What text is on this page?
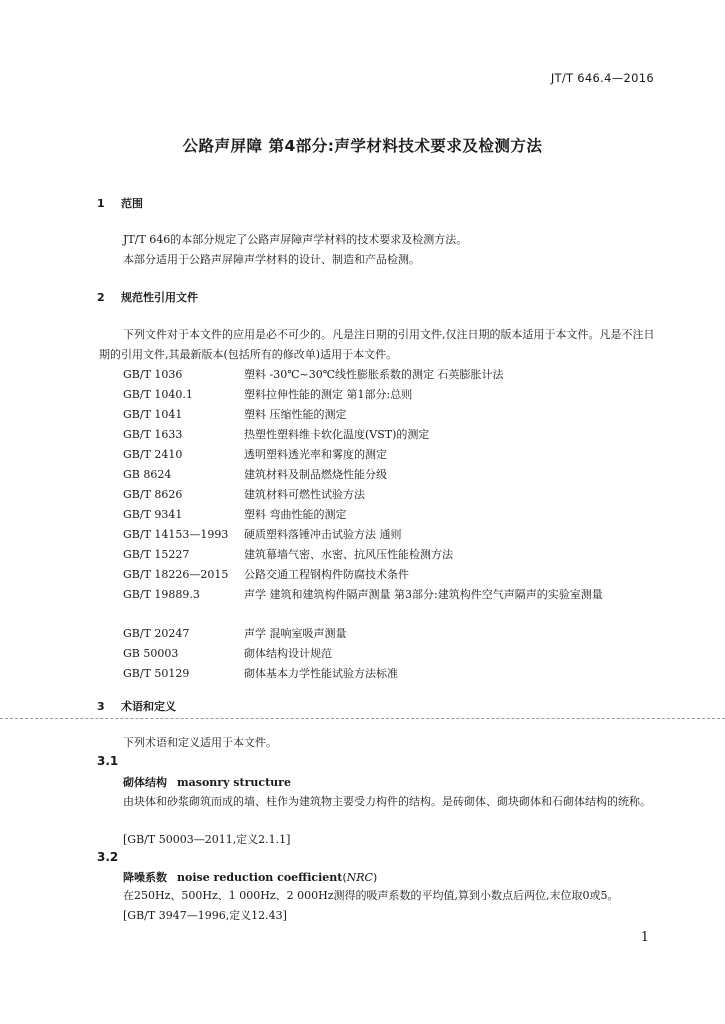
JT/T 646.4—2016
公路声屏障 第4部分:声学材料技术要求及检测方法
1 范围
JT/T 646的本部分规定了公路声屏障声学材料的技术要求及检测方法。
本部分适用于公路声屏障声学材料的设计、制造和产品检测。
2 规范性引用文件
下列文件对于本文件的应用是必不可少的。凡是注日期的引用文件,仅注日期的版本适用于本文件。凡是不注日期的引用文件,其最新版本(包括所有的修改单)适用于本文件。
GB/T 1036	塑料 -30℃~30℃线性膨胀系数的测定 石英膨胀计法
GB/T 1040.1	塑料拉伸性能的测定 第1部分:总则
GB/T 1041	塑料 压缩性能的测定
GB/T 1633	热塑性塑料维卡软化温度(VST)的测定
GB/T 2410	透明塑料透光率和雾度的测定
GB 8624	建筑材料及制品燃烧性能分级
GB/T 8626	建筑材料可燃性试验方法
GB/T 9341	塑料 弯曲性能的测定
GB/T 14153—1993 硬质塑料落锤冲击试验方法 通则
GB/T 15227	建筑幕墙气密、水密、抗风压性能检测方法
GB/T 18226—2015 公路交通工程钢构件防腐技术条件
GB/T 19889.3	声学 建筑和建筑构件隔声测量 第3部分:建筑构件空气声隔声的实验室测量
GB/T 20247	声学 混响室吸声测量
GB 50003	砌体结构设计规范
GB/T 50129	砌体基本力学性能试验方法标准
3 术语和定义
下列术语和定义适用于本文件。
3.1
砌体结构 masonry structure
由块体和砂浆砌筑而成的墙、柱作为建筑物主要受力构件的结构。是砖砌体、砌块砌体和石砌体结构的统称。
[GB/T 50003—2011,定义2.1.1]
3.2
降噪系数 noise reduction coefficient(NRC)
在250Hz、500Hz、1 000Hz、2 000Hz测得的吸声系数的平均值,算到小数点后两位,末位取0或5。
[GB/T 3947—1996,定义12.43]
1
